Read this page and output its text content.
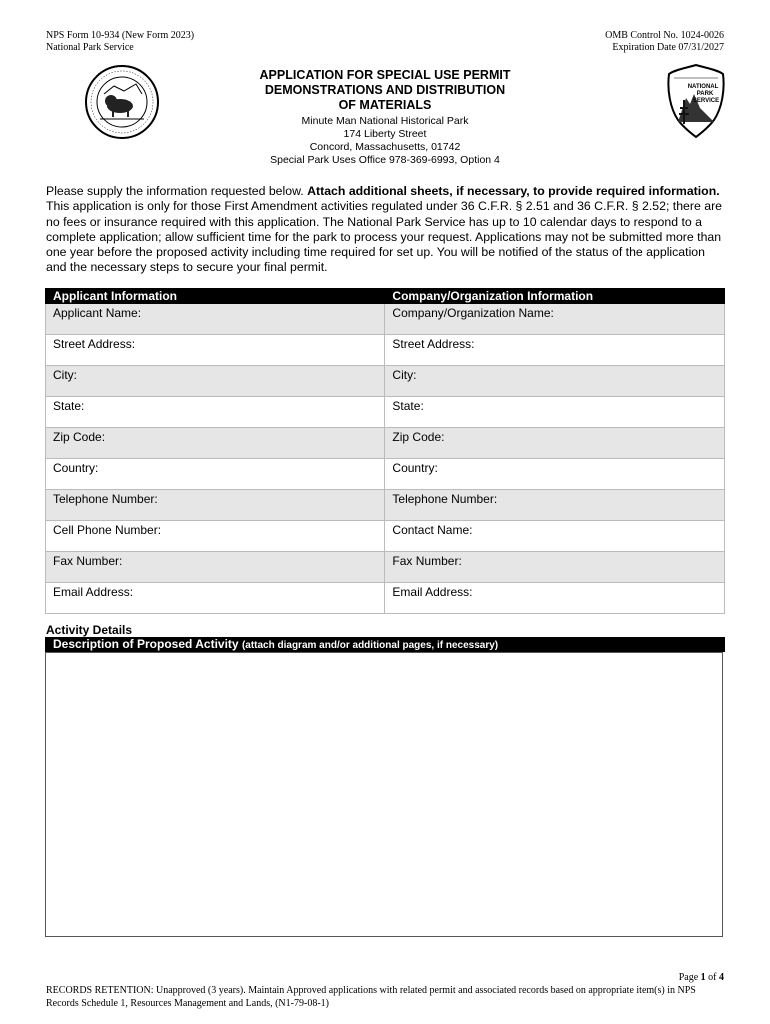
NPS Form 10-934 (New Form 2023)
National Park Service
OMB Control No. 1024-0026
Expiration Date 07/31/2027
NATIONAL
PARK
SERVICE
APPLICATION FOR SPECIAL USE PERMIT
DEMONSTRATIONS AND DISTRIBUTION
OF MATERIALS
Minute Man National Historical Park
174 Liberty Street
Concord, Massachusetts, 01742
Special Park Uses Office 978-369-6993, Option 4
Please supply the information requested below. Attach additional sheets, if necessary, to provide required information. This application is only for those First Amendment activities regulated under 36 C.F.R. § 2.51 and 36 C.F.R. § 2.52; there are no fees or insurance required with this application. The National Park Service has up to 10 calendar days to respond to a complete application; allow sufficient time for the park to process your request. Applications may not be submitted more than one year before the proposed activity including time required for set up. You will be notified of the status of the application and the necessary steps to secure your final permit.
Applicant Information	Company/Organization Information
Applicant Name:	Company/Organization Name:
Street Address:	Street Address:
City:	City:
State:	State:
Zip Code:	Zip Code:
Country:	Country:
Telephone Number:	Telephone Number:
Cell Phone Number:	Contact Name:
Fax Number:	Fax Number:
Email Address:	Email Address:
Activity Details
Description of Proposed Activity (attach diagram and/or additional pages, if necessary)
Page 1 of 4
RECORDS RETENTION: Unapproved (3 years). Maintain Approved applications with related permit and associated records based on appropriate item(s) in NPS Records Schedule 1, Resources Management and Lands, (N1-79-08-1)
